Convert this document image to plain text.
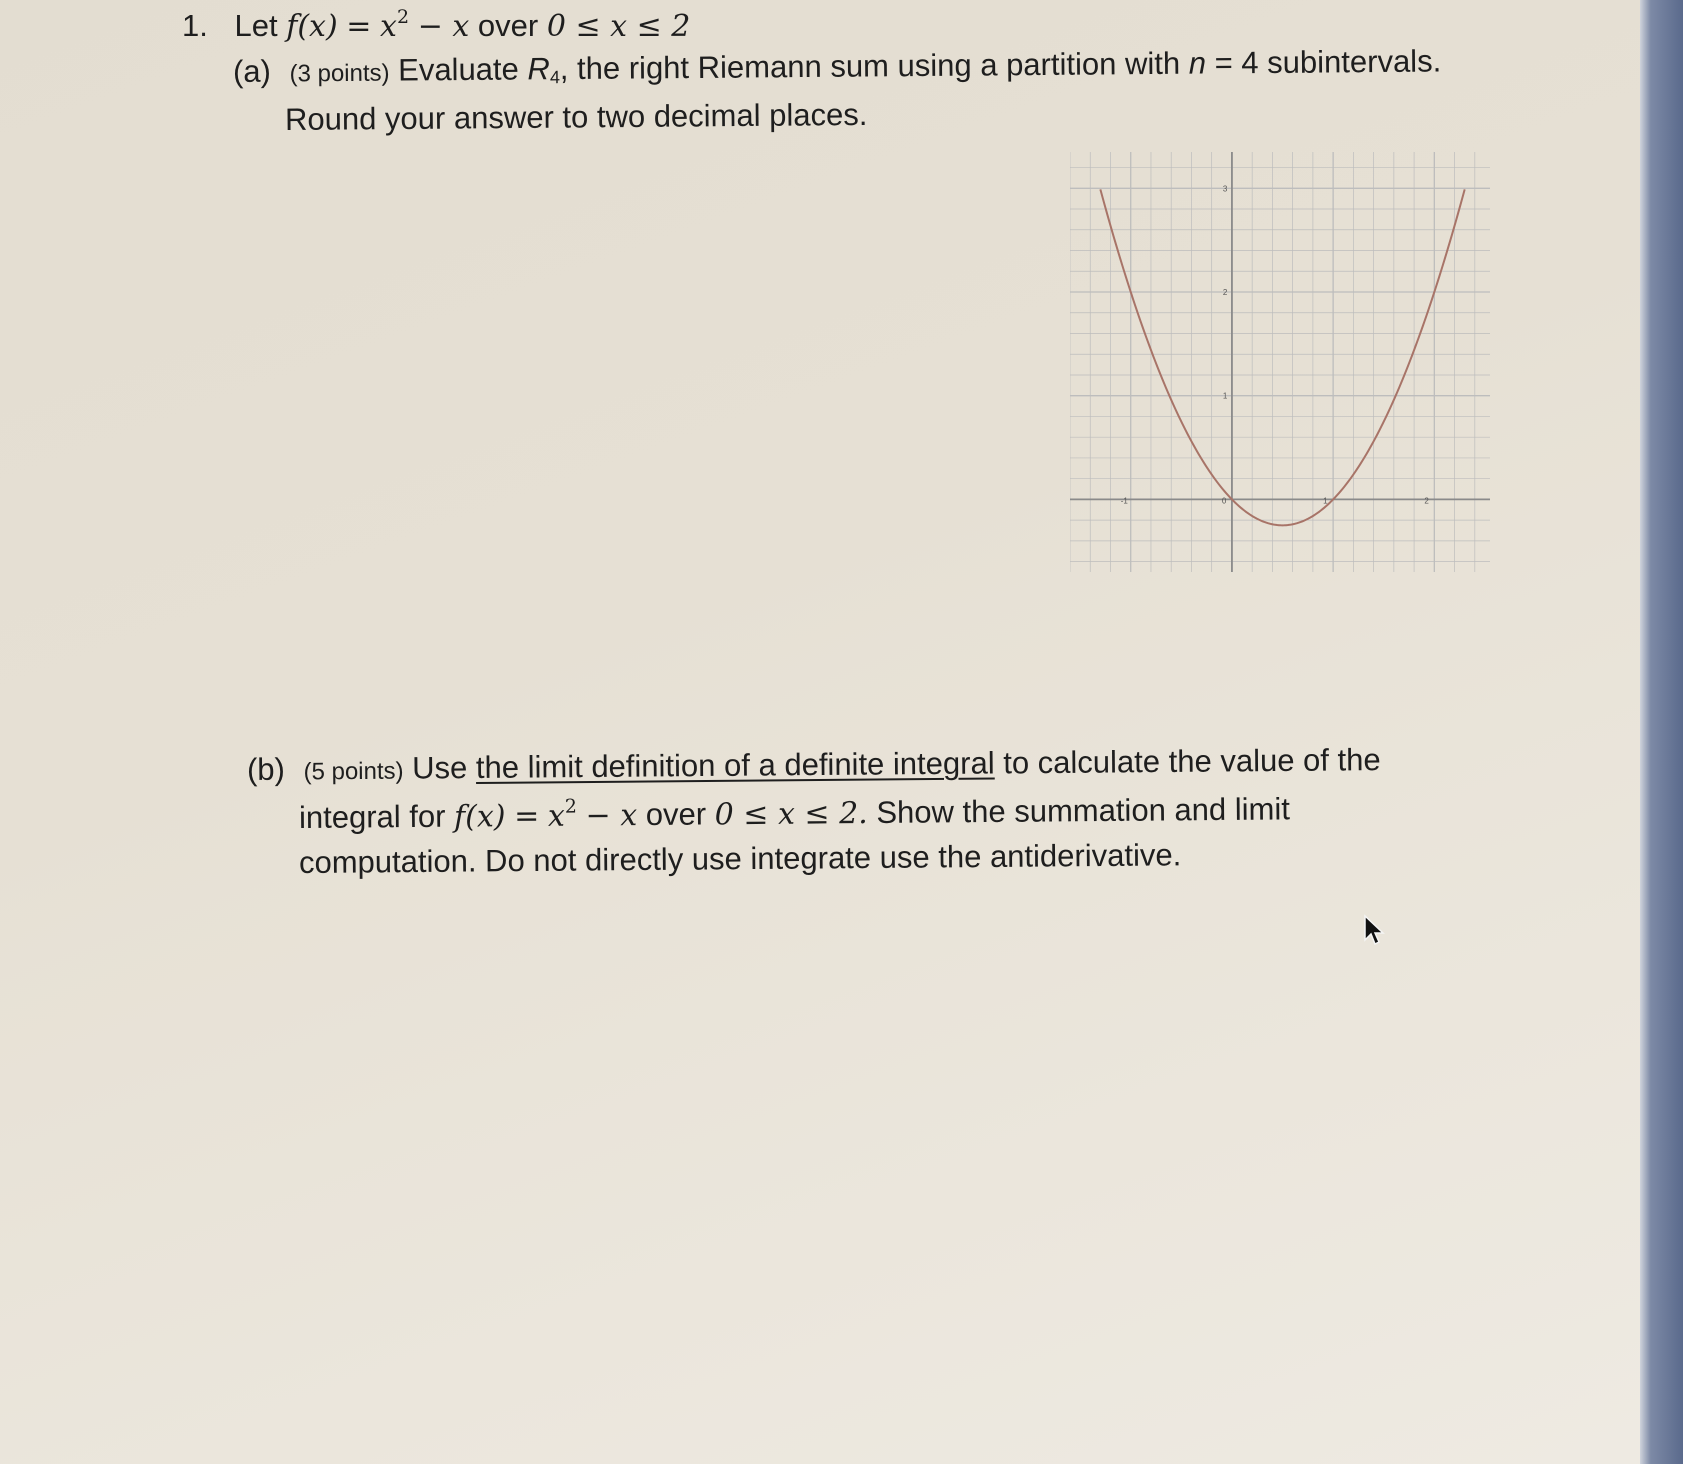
1. Let $f(x) = x^2 - x$ over 0 ≤ x ≤ 2
(a) (3 points) Evaluate $R_4$, the right Riemann sum using a partition with n = 4 subintervals.
Round your answer to two decimal places.
-1	0	1	2
1
2
3
(b) (5 points) Use the limit definition of a definite integral to calculate the value of the
integral for $f(x) = x^2 - x$ over 0 ≤ x ≤ 2. Show the summation and limit
computation. Do not directly use integrate use the antiderivative.
